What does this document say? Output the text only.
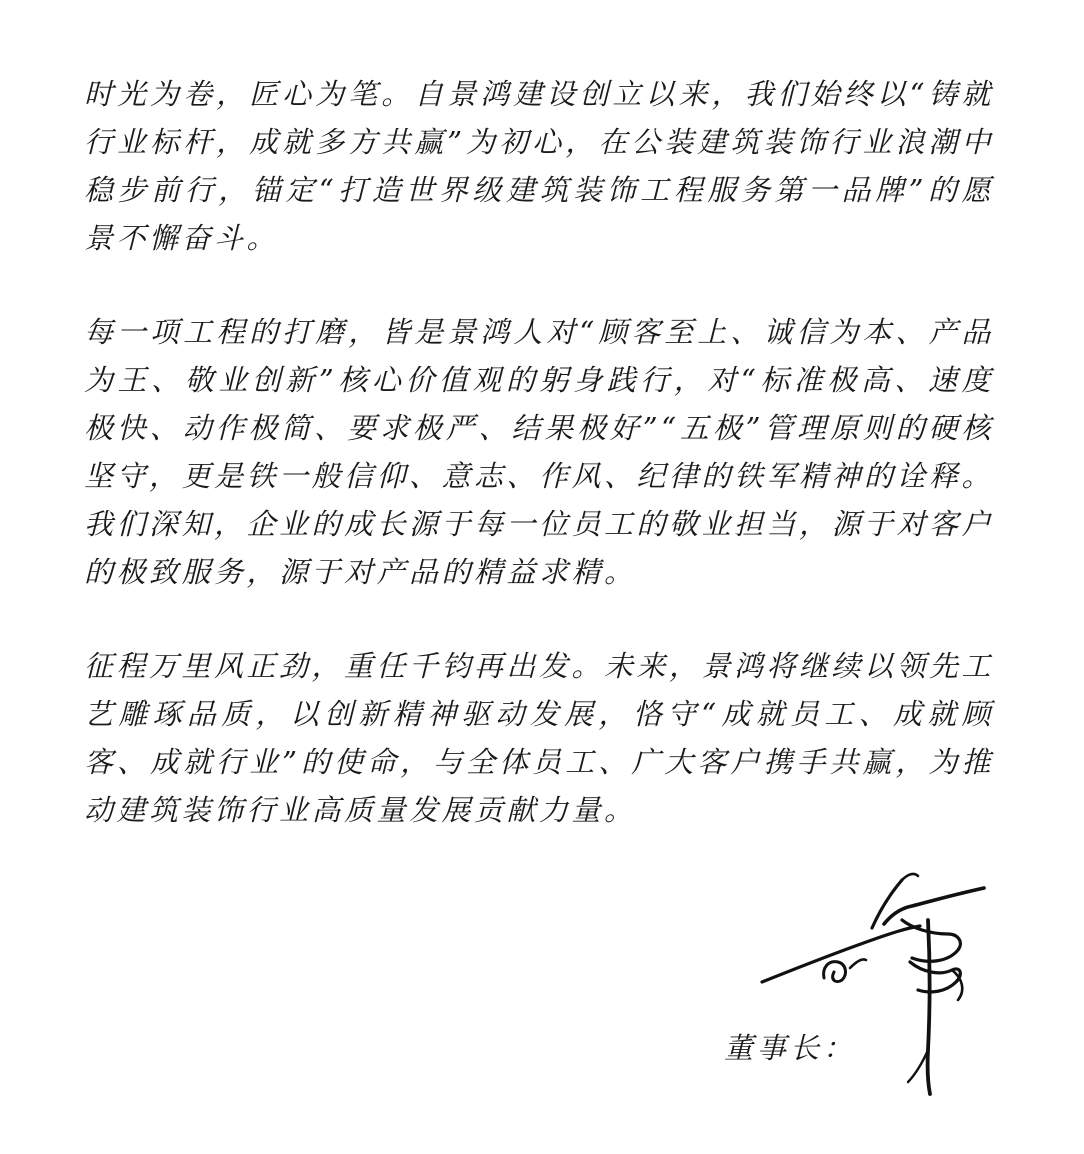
时光为卷，匠心为笔。自景鸿建设创立以来，我们始终以“铸就行业标杆，成就多方共赢”为初心，在公装建筑装饰行业浪潮中稳步前行，锚定“打造世界级建筑装饰工程服务第一品牌”的愿景不懈奋斗。

每一项工程的打磨，皆是景鸿人对“顾客至上、诚信为本、产品为王、敬业创新”核心价值观的躬身践行，对“标准极高、速度极快、动作极简、要求极严、结果极好”“五极”管理原则的硬核坚守，更是铁一般信仰、意志、作风、纪律的铁军精神的诠释。我们深知，企业的成长源于每一位员工的敬业担当，源于对客户的极致服务，源于对产品的精益求精。

征程万里风正劲，重任千钧再出发。未来，景鸿将继续以领先工艺雕琢品质，以创新精神驱动发展，恪守“成就员工、成就顾客、成就行业”的使命，与全体员工、广大客户携手共赢，为推动建筑装饰行业高质量发展贡献力量。

董事长：
